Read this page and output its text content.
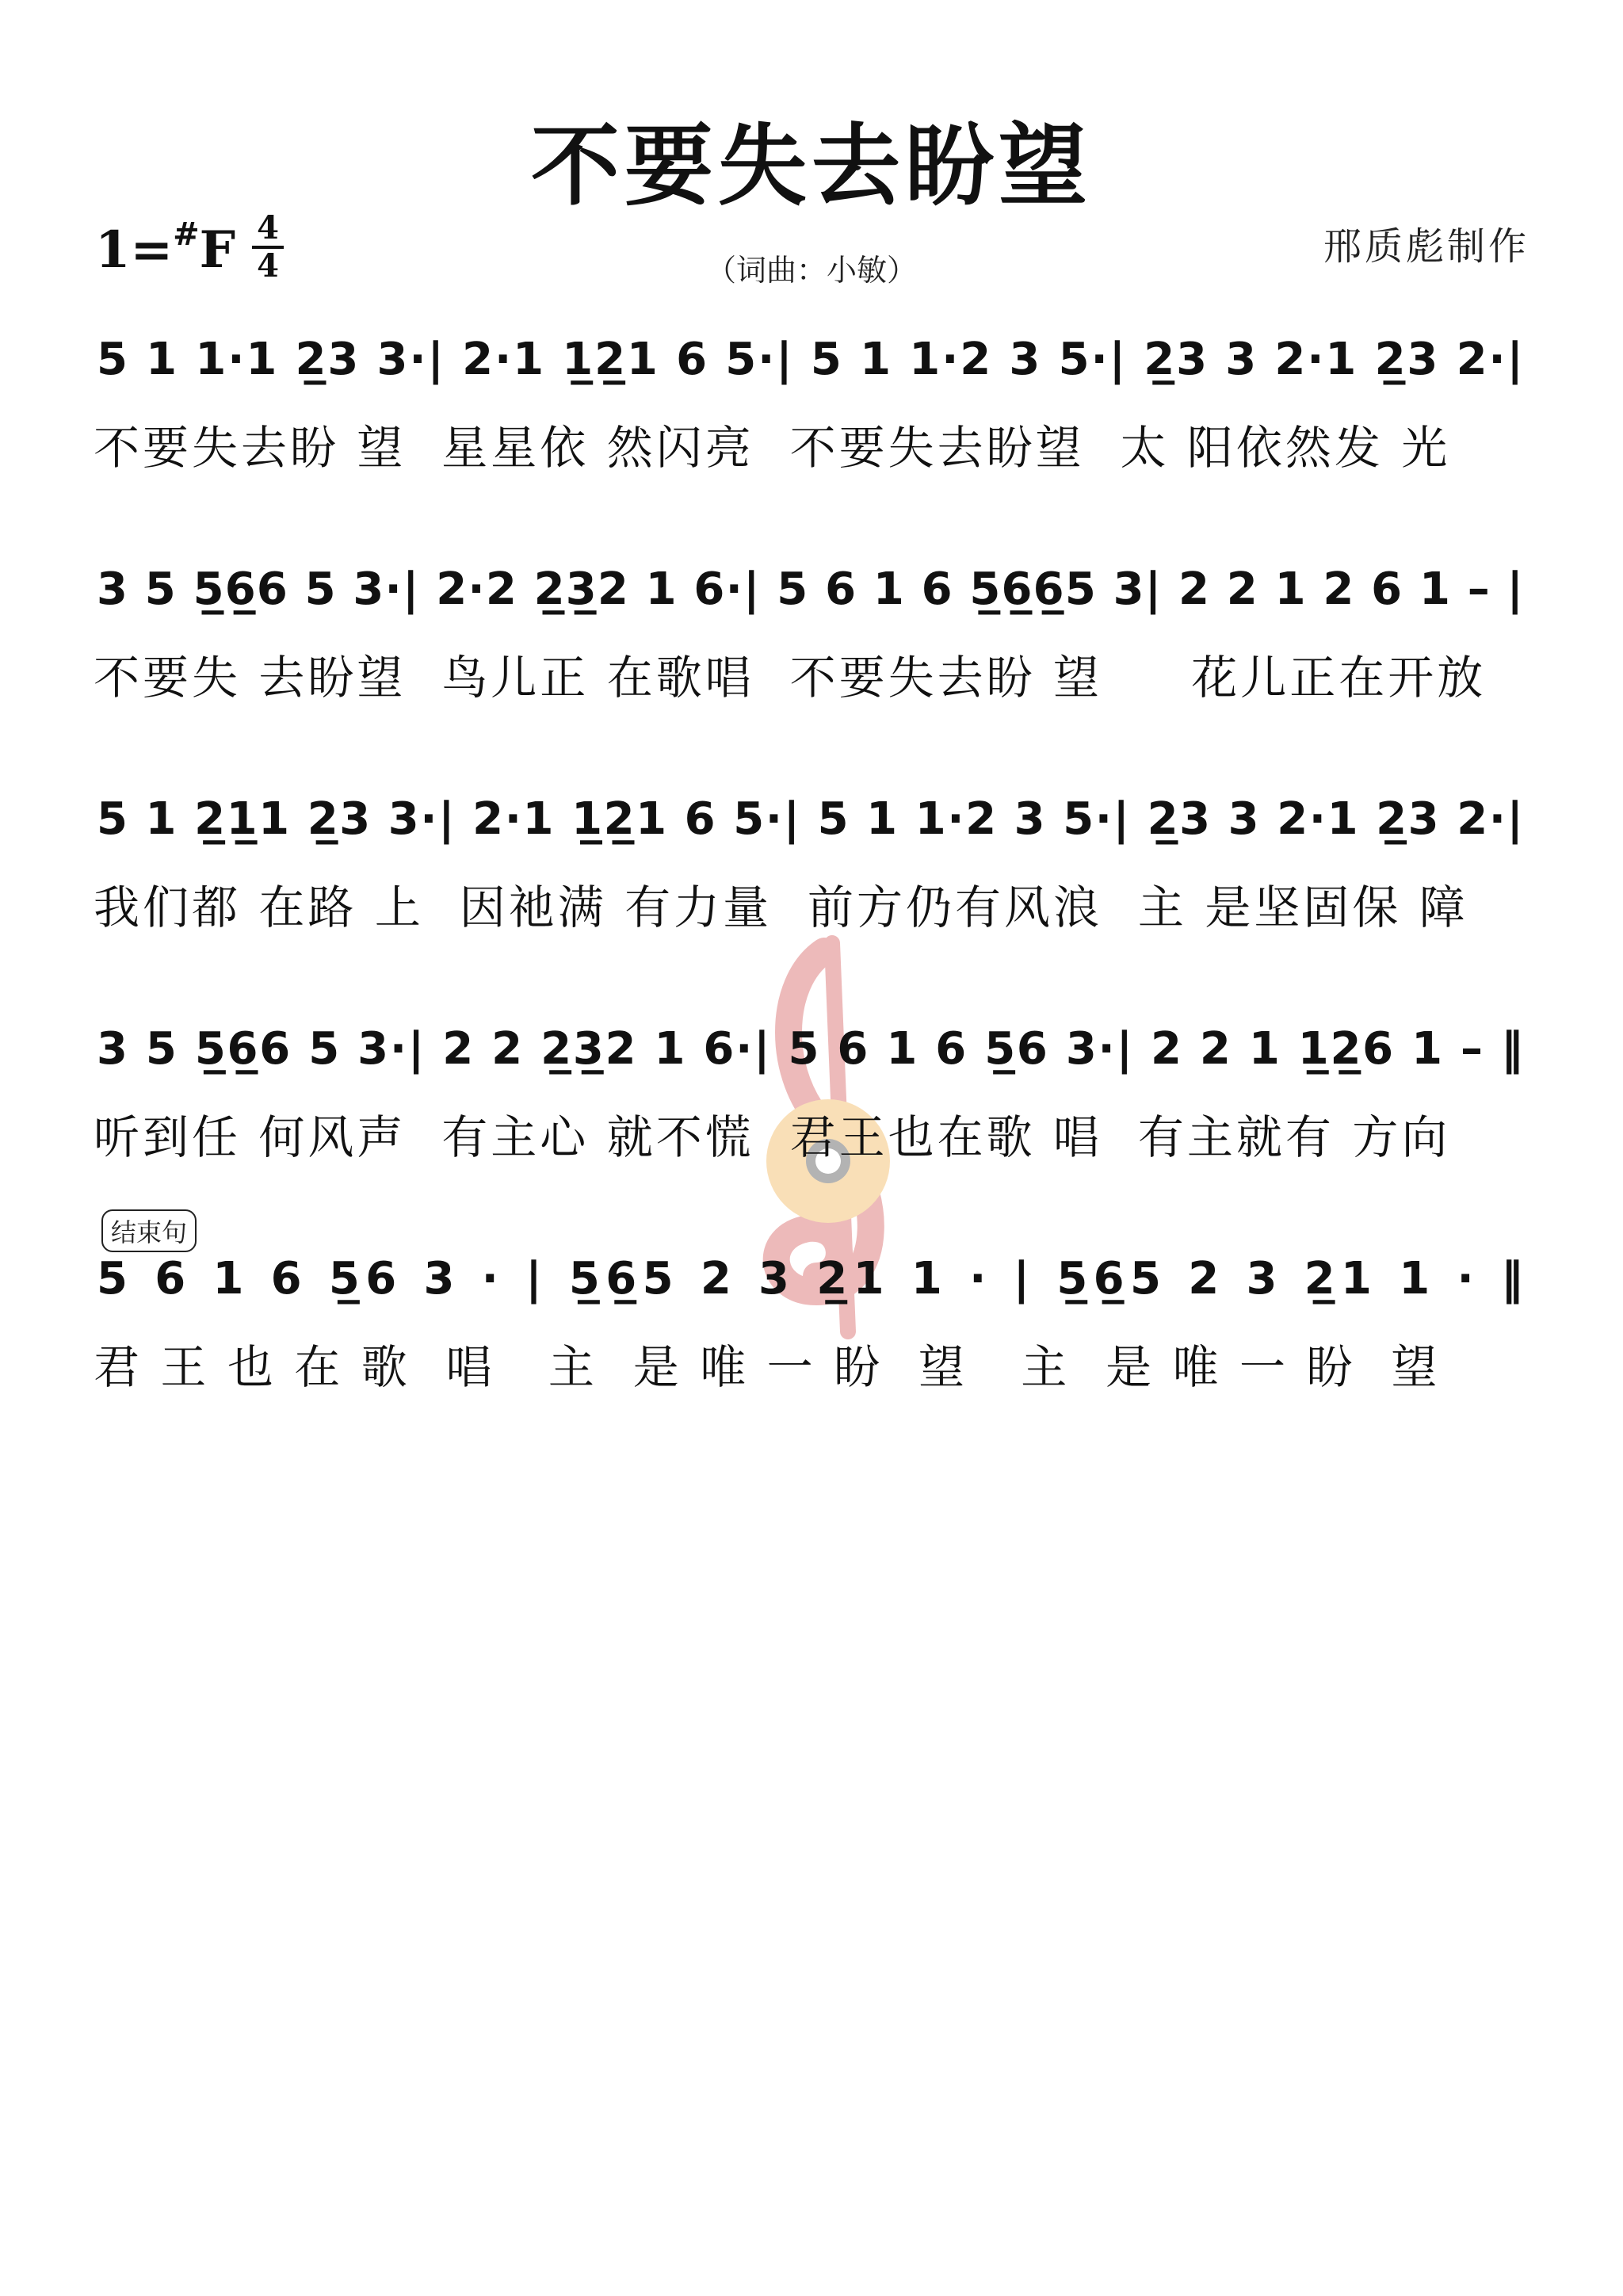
不要失去盼望
1=#F 4
4	（词曲：小敏）
邢质彪制作
结束句
5 1 1·1 2̲3 3·| 2·1 1̲2̲1 6 5·| 5 1 1·2 3 5·| 2̲3 3 2·1 2̲3 2·|
不要失去盼 望  星星依 然闪亮  不要失去盼望  太 阳依然发 光
3 5 5̲6̲6 5 3·| 2·2 2̲3̲2 1 6·| 5 6 1 6 5̲6̲6̲5 3| 2 2 1 2 6 1 – |
不要失 去盼望  鸟儿正 在歌唱  不要失去盼 望     花儿正在开放
5 1 2̲1̲1 2̲3 3·| 2·1 1̲2̲1 6 5·| 5 1 1·2 3 5·| 2̲3 3 2·1 2̲3 2·|
我们都 在路 上  因祂满 有力量  前方仍有风浪  主 是坚固保 障
3 5 5̲6̲6 5 3·| 2 2 2̲3̲2 1 6·| 5 6 1 6 5̲6 3·| 2 2 1 1̲2̲6 1 – ‖
听到任 何风声  有主心 就不慌  君王也在歌 唱  有主就有 方向
5 6 1 6 5̲6 3 · | 5̲6̲5 2 3 2̲1 1 · | 5̲6̲5 2 3 2̲1 1 · ‖
君 王 也 在 歌  唱   主  是 唯 一 盼  望   主  是 唯 一 盼  望
